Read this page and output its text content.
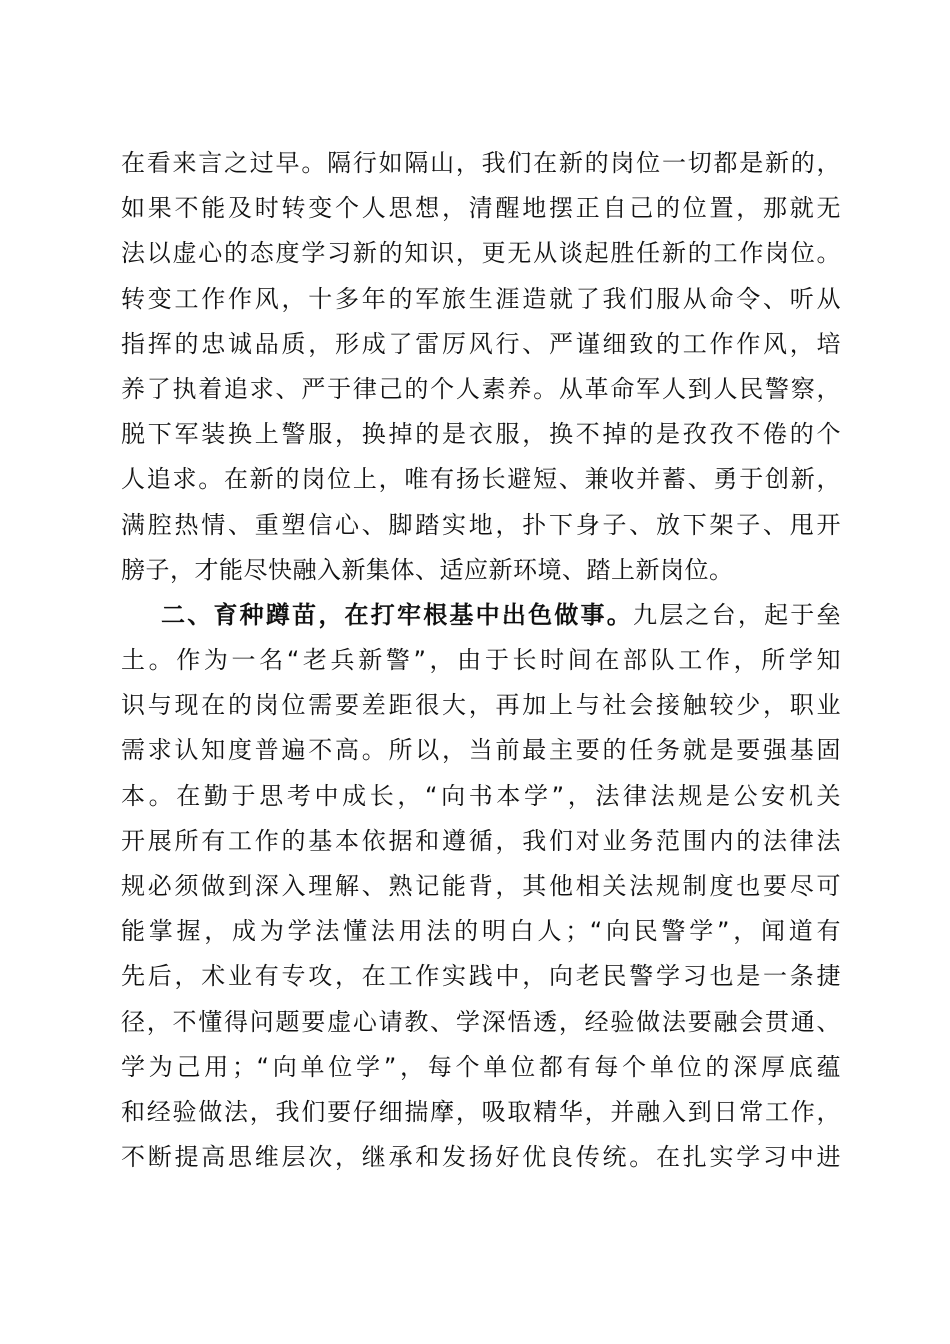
在看来言之过早。隔行如隔山，我们在新的岗位一切都是新的，
如果不能及时转变个人思想，清醒地摆正自己的位置，那就无
法以虚心的态度学习新的知识，更无从谈起胜任新的工作岗位。
转变工作作风，十多年的军旅生涯造就了我们服从命令、听从
指挥的忠诚品质，形成了雷厉风行、严谨细致的工作作风，培
养了执着追求、严于律己的个人素养。从革命军人到人民警察，
脱下军装换上警服，换掉的是衣服，换不掉的是孜孜不倦的个
人追求。在新的岗位上，唯有扬长避短、兼收并蓄、勇于创新，
满腔热情、重塑信心、脚踏实地，扑下身子、放下架子、甩开
膀子，才能尽快融入新集体、适应新环境、踏上新岗位。
二、育种蹲苗，在打牢根基中出色做事。九层之台，起于垒
土。作为一名“老兵新警”，由于长时间在部队工作，所学知
识与现在的岗位需要差距很大，再加上与社会接触较少，职业
需求认知度普遍不高。所以，当前最主要的任务就是要强基固
本。在勤于思考中成长，“向书本学”，法律法规是公安机关
开展所有工作的基本依据和遵循，我们对业务范围内的法律法
规必须做到深入理解、熟记能背，其他相关法规制度也要尽可
能掌握，成为学法懂法用法的明白人；“向民警学”，闻道有
先后，术业有专攻，在工作实践中，向老民警学习也是一条捷
径，不懂得问题要虚心请教、学深悟透，经验做法要融会贯通、
学为己用；“向单位学”，每个单位都有每个单位的深厚底蕴
和经验做法，我们要仔细揣摩，吸取精华，并融入到日常工作，
不断提高思维层次，继承和发扬好优良传统。在扎实学习中进
